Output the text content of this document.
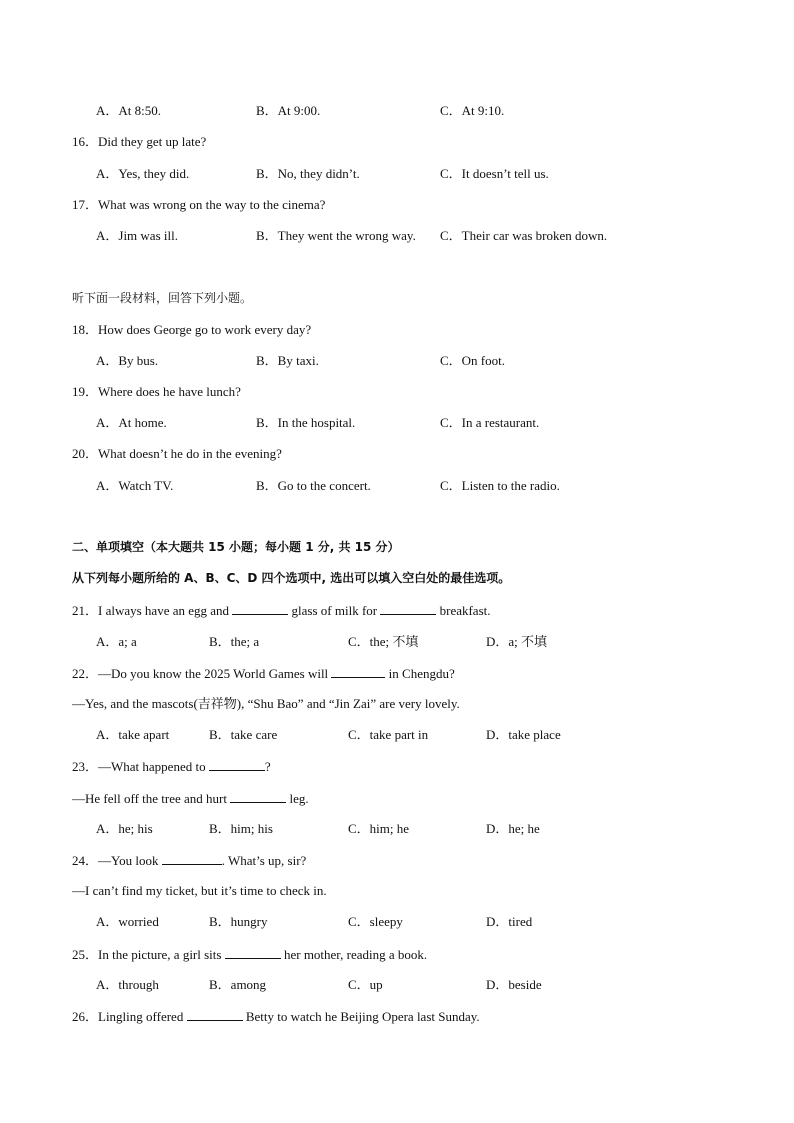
A．At 8:50.	B．At 9:00.	C．At 9:10.
16．Did they get up late?
A．Yes, they did.	B．No, they didn’t.	C．It doesn’t tell us.
17．What was wrong on the way to the cinema?
A．Jim was ill.	B．They went the wrong way. C．Their car was broken down.
听下面一段材料，回答下列小题。
18．How does George go to work every day?
A．By bus.	B．By taxi.	C．On foot.
19．Where does he have lunch?
A．At home.	B．In the hospital.	C．In a restaurant.
20．What doesn’t he do in the evening?
A．Watch TV.	B．Go to the concert.	C．Listen to the radio.
二、单项填空（本大题共 15 小题；每小题 1 分, 共 15 分）
从下列每小题所给的 A、B、C、D 四个选项中, 选出可以填入空白处的最佳选项。
21．I always have an egg and	glass of milk for	breakfast.
A．a; a	B．the; a	C．the; 不填	D．a; 不填
22．—Do you know the 2025 World Games will	in Chengdu?
—Yes, and the mascots(吉祥物), “Shu Bao” and “Jin Zai” are very lovely.
A．take apart	B．take care	C．take part in	D．take place
23．—What happened to	?
—He fell off the tree and hurt	leg.
A．he; his	B．him; his	C．him; he	D．he; he
24．—You look	. What’s up, sir?
—I can’t find my ticket, but it’s time to check in.
A．worried	B．hungry	C．sleepy	D．tired
25．In the picture, a girl sits	her mother, reading a book.
A．through	B．among	C．up	D．beside
26．Lingling offered	Betty to watch he Beijing Opera last Sunday.
